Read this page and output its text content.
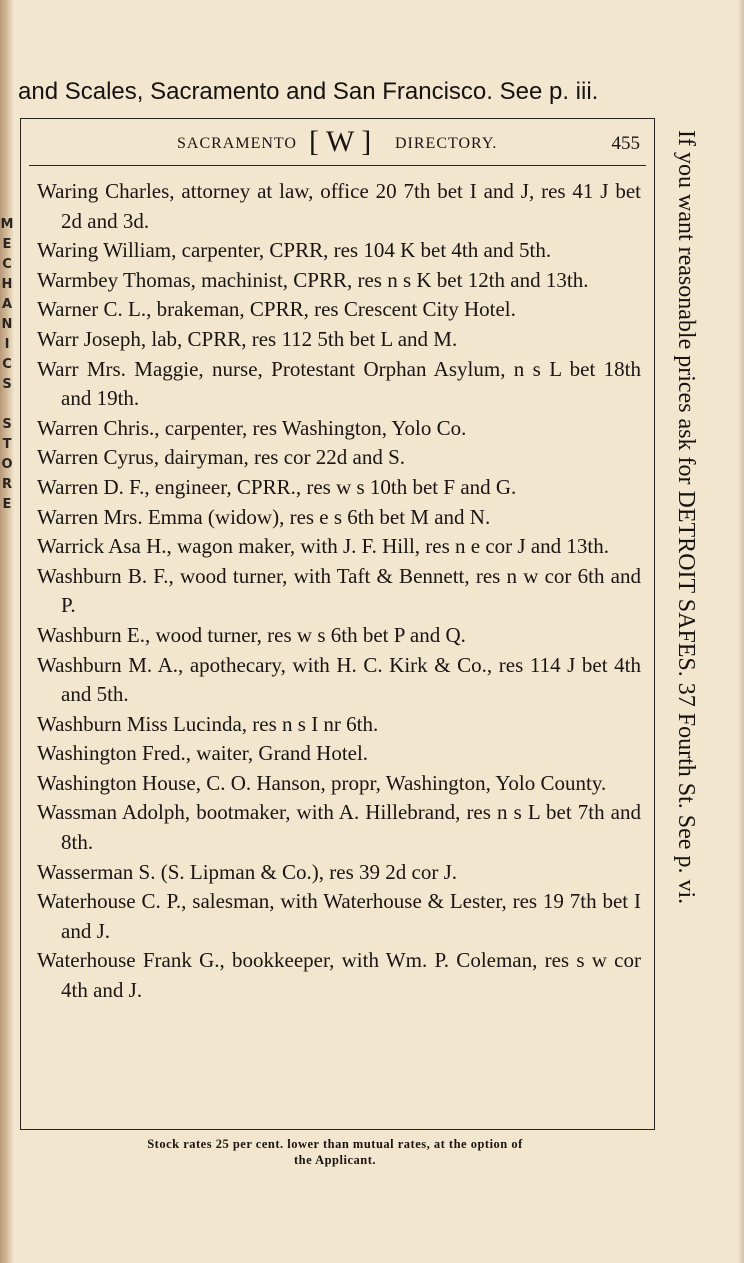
M
E
C
H
A
N
I
C
S
S
T
O
R
E
and Scales, Sacramento and San Francisco. See p. iii.
SACRAMENTO [ W ] DIRECTORY.	455
Waring Charles, attorney at law, office 20 7th bet I and J, res 41 J bet 2d and 3d.
Waring William, carpenter, CPRR, res 104 K bet 4th and 5th.
Warmbey Thomas, machinist, CPRR, res n s K bet 12th and 13th.
Warner C. L., brakeman, CPRR, res Crescent City Hotel.
Warr Joseph, lab, CPRR, res 112 5th bet L and M.
Warr Mrs. Maggie, nurse, Protestant Orphan Asylum, n s L bet 18th and 19th.
Warren Chris., carpenter, res Washington, Yolo Co.
Warren Cyrus, dairyman, res cor 22d and S.
Warren D. F., engineer, CPRR., res w s 10th bet F and G.
Warren Mrs. Emma (widow), res e s 6th bet M and N.
Warrick Asa H., wagon maker, with J. F. Hill, res n e cor J and 13th.
Washburn B. F., wood turner, with Taft & Bennett, res n w cor 6th and P.
Washburn E., wood turner, res w s 6th bet P and Q.
Washburn M. A., apothecary, with H. C. Kirk & Co., res 114 J bet 4th and 5th.
Washburn Miss Lucinda, res n s I nr 6th.
Washington Fred., waiter, Grand Hotel.
Washington House, C. O. Hanson, propr, Washington, Yolo County.
Wassman Adolph, bootmaker, with A. Hillebrand, res n s L bet 7th and 8th.
Wasserman S. (S. Lipman & Co.), res 39 2d cor J.
Waterhouse C. P., salesman, with Waterhouse & Lester, res 19 7th bet I and J.
Waterhouse Frank G., bookkeeper, with Wm. P. Coleman, res s w cor 4th and J.
If you want reasonable prices ask for DETROIT SAFES. 37 Fourth St. See p. vi.
Stock rates 25 per cent. lower than mutual rates, at the option of
the Applicant.
